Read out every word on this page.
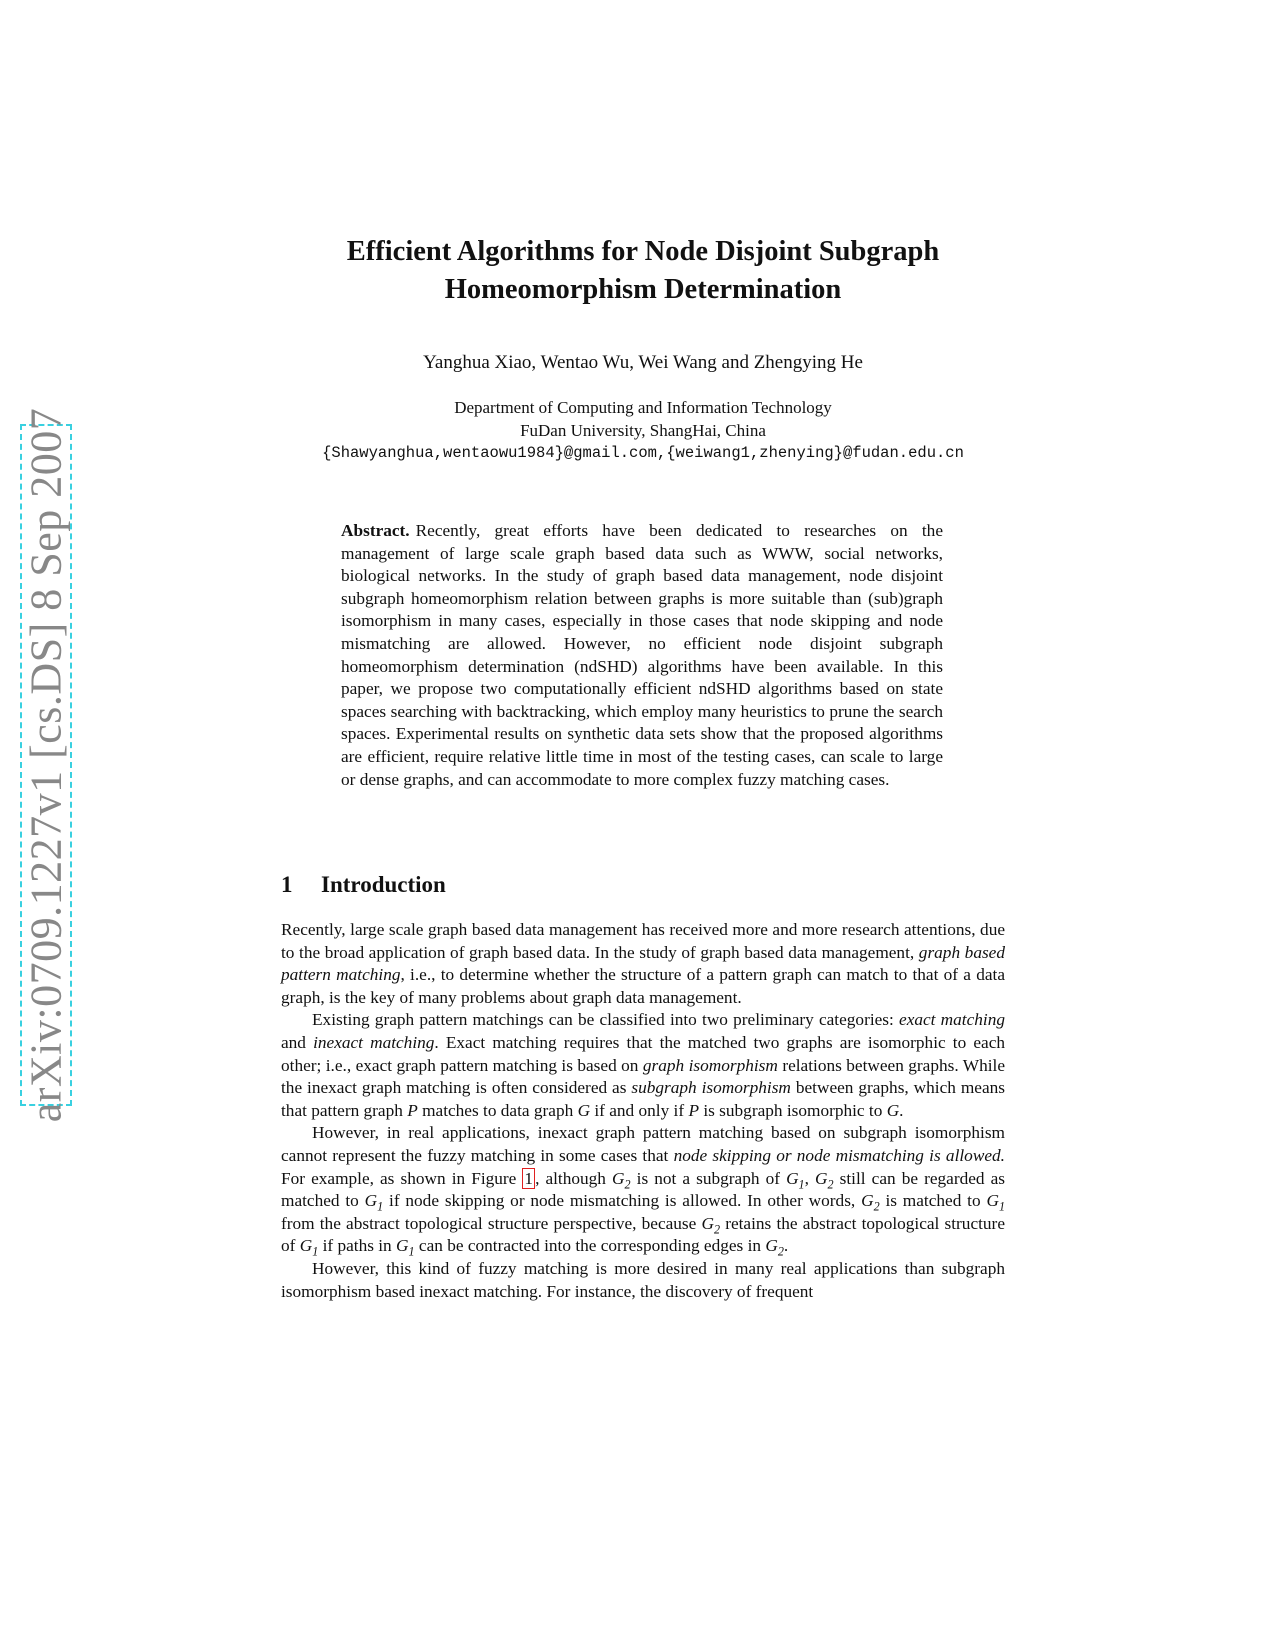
arXiv:0709.1227v1 [cs.DS] 8 Sep 2007
Efficient Algorithms for Node Disjoint Subgraph
Homeomorphism Determination
Yanghua Xiao, Wentao Wu, Wei Wang and Zhengying He
Department of Computing and Information Technology
FuDan University, ShangHai, China
{Shawyanghua,wentaowu1984}@gmail.com,{weiwang1,zhenying}@fudan.edu.cn
Abstract. Recently, great efforts have been dedicated to researches on the management of large scale graph based data such as WWW, social networks, biological networks. In the study of graph based data management, node disjoint subgraph homeomorphism relation between graphs is more suitable than (sub)graph isomorphism in many cases, especially in those cases that node skipping and node mismatching are allowed. However, no efficient node disjoint subgraph homeomorphism determination (ndSHD) algorithms have been available. In this paper, we propose two computationally efficient ndSHD algorithms based on state spaces searching with backtracking, which employ many heuristics to prune the search spaces. Experimental results on synthetic data sets show that the proposed algorithms are efficient, require relative little time in most of the testing cases, can scale to large or dense graphs, and can accommodate to more complex fuzzy matching cases.
1 Introduction

Recently, large scale graph based data management has received more and more research attentions, due to the broad application of graph based data. In the study of graph based data management, graph based pattern matching, i.e., to determine whether the structure of a pattern graph can match to that of a data graph, is the key of many problems about graph data management.

Existing graph pattern matchings can be classified into two preliminary categories: exact matching and inexact matching. Exact matching requires that the matched two graphs are isomorphic to each other; i.e., exact graph pattern matching is based on graph isomorphism relations between graphs. While the inexact graph matching is often considered as subgraph isomorphism between graphs, which means that pattern graph P matches to data graph G if and only if P is subgraph isomorphic to G.

However, in real applications, inexact graph pattern matching based on subgraph isomorphism cannot represent the fuzzy matching in some cases that node skipping or node mismatching is allowed. For example, as shown in Figure 1 , although $G_2$ is not a subgraph of $G_1$, $G_2$ still can be regarded as matched to $G_1$ if node skipping or node mismatching is allowed. In other words, $G_2$ is matched to $G_1$ from the abstract topological structure perspective, because $G_2$ retains the abstract topological structure of $G_1$ if paths in $G_1$ can be contracted into the corresponding edges in $G_2$.

However, this kind of fuzzy matching is more desired in many real applications than subgraph isomorphism based inexact matching. For instance, the discovery of frequent
